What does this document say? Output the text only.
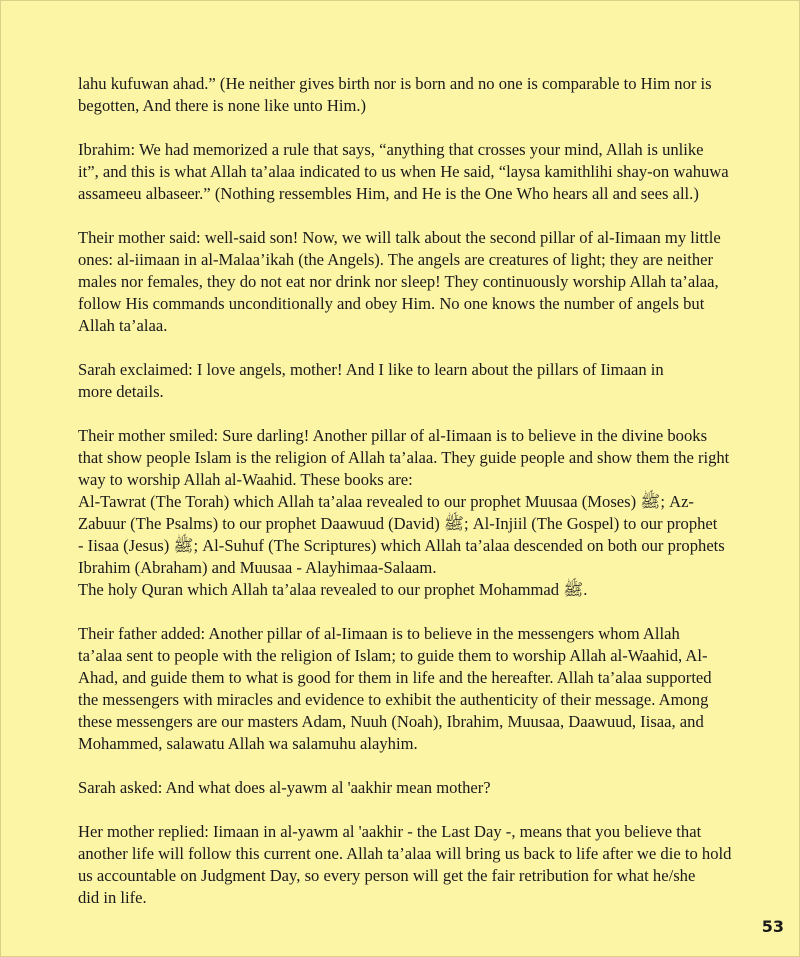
lahu kufuwan ahad.” (He neither gives birth nor is born and no one is comparable to Him nor is
begotten, And there is none like unto Him.)

Ibrahim: We had memorized a rule that says, “anything that crosses your mind, Allah is unlike
it”, and this is what Allah ta’alaa indicated to us when He said, “laysa kamithlihi shay-on wahuwa
assameeu albaseer.” (Nothing ressembles Him, and He is the One Who hears all and sees all.)

Their mother said: well-said son! Now, we will talk about the second pillar of al-Iimaan my little
ones: al-iimaan in al-Malaa’ikah (the Angels). The angels are creatures of light; they are neither
males nor females, they do not eat nor drink nor sleep! They continuously worship Allah ta’alaa,
follow His commands unconditionally and obey Him. No one knows the number of angels but
Allah ta’alaa.

Sarah exclaimed: I love angels, mother! And I like to learn about the pillars of Iimaan in
more details.

Their mother smiled: Sure darling! Another pillar of al-Iimaan is to believe in the divine books
that show people Islam is the religion of Allah ta’alaa. They guide people and show them the right
way to worship Allah al-Waahid. These books are:
Al-Tawrat (The Torah) which Allah ta’alaa revealed to our prophet Muusaa (Moses) ﷺ; Az-
Zabuur (The Psalms) to our prophet Daawuud (David) ﷺ; Al-Injiil (The Gospel) to our prophet
- Iisaa (Jesus) ﷺ; Al-Suhuf (The Scriptures) which Allah ta’alaa descended on both our prophets
Ibrahim (Abraham) and Muusaa - Alayhimaa-Salaam.
The holy Quran which Allah ta’alaa revealed to our prophet Mohammad ﷺ.

Their father added: Another pillar of al-Iimaan is to believe in the messengers whom Allah
ta’alaa sent to people with the religion of Islam; to guide them to worship Allah al-Waahid, Al-
Ahad, and guide them to what is good for them in life and the hereafter. Allah ta’alaa supported
the messengers with miracles and evidence to exhibit the authenticity of their message. Among
these messengers are our masters Adam, Nuuh (Noah), Ibrahim, Muusaa, Daawuud, Iisaa, and
Mohammed, salawatu Allah wa salamuhu alayhim.

Sarah asked: And what does al-yawm al 'aakhir mean mother?

Her mother replied: Iimaan in al-yawm al 'aakhir - the Last Day -, means that you believe that
another life will follow this current one. Allah ta’alaa will bring us back to life after we die to hold
us accountable on Judgment Day, so every person will get the fair retribution for what he/she
did in life.

53
